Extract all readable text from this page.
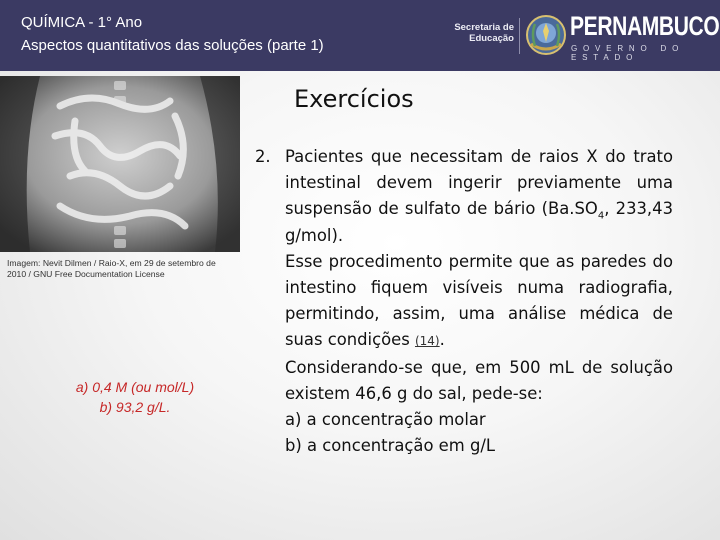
QUÍMICA - 1° Ano
Aspectos quantitativos das soluções (parte 1)
Secretaria de
Educação PERNAMBUCO
GOVERNO DO ESTADO
Imagem: Nevit Dilmen / Raio-X, em 29 de setembro de 2010 / GNU Free Documentation License
a) 0,4 M (ou mol/L)
b) 93,2 g/L.
Exercícios
2. Pacientes que necessitam de raios X do trato intestinal devem ingerir previamente uma suspensão de sulfato de bário ($Ba.SO_4$, 233,43 g/mol).
Esse procedimento permite que as paredes do intestino fiquem visíveis numa radiografia, permitindo, assim, uma análise médica de suas condições (14).
Considerando-se que, em 500 mL de solução existem 46,6 g do sal, pede-se:
a) a concentração molar
b) a concentração em g/L
